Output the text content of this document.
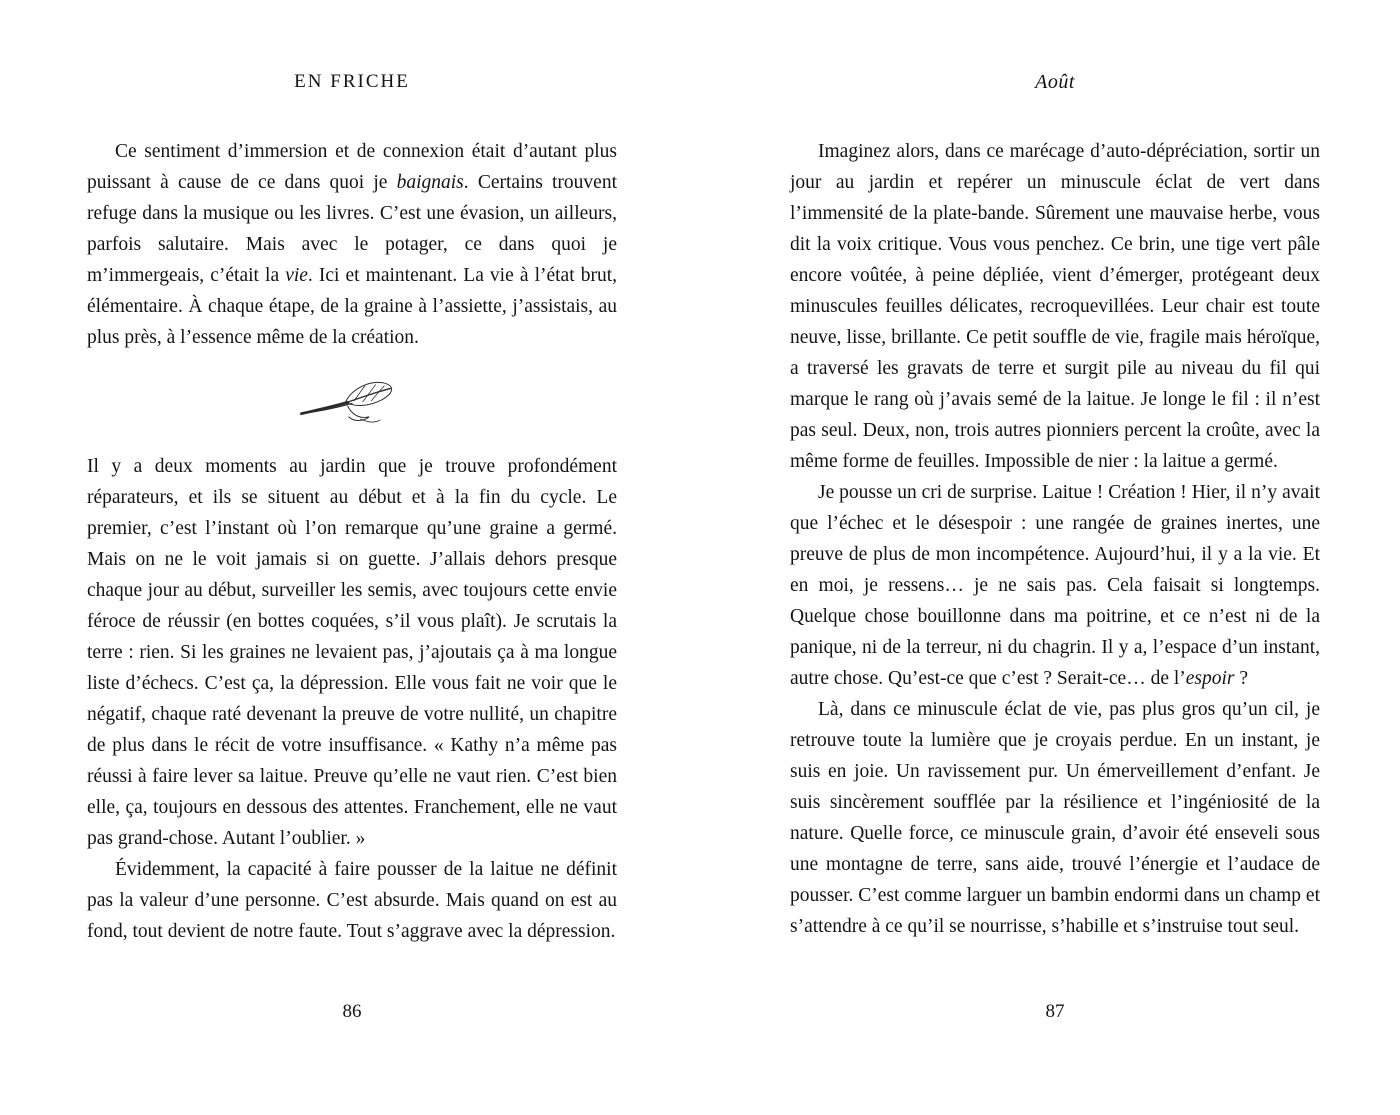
EN FRICHE

Ce sentiment d’immersion et de connexion était d’autant plus puissant à cause de ce dans quoi je baignais. Certains trouvent refuge dans la musique ou les livres. C’est une évasion, un ailleurs, parfois salutaire. Mais avec le potager, ce dans quoi je m’immergeais, c’était la vie. Ici et maintenant. La vie à l’état brut, élémentaire. À chaque étape, de la graine à l’assiette, j’assistais, au plus près, à l’essence même de la création.

Il y a deux moments au jardin que je trouve profondément réparateurs, et ils se situent au début et à la fin du cycle. Le premier, c’est l’instant où l’on remarque qu’une graine a germé. Mais on ne le voit jamais si on guette. J’allais dehors presque chaque jour au début, surveiller les semis, avec toujours cette envie féroce de réussir (en bottes coquées, s’il vous plaît). Je scrutais la terre : rien. Si les graines ne levaient pas, j’ajoutais ça à ma longue liste d’échecs. C’est ça, la dépression. Elle vous fait ne voir que le négatif, chaque raté devenant la preuve de votre nullité, un chapitre de plus dans le récit de votre insuffisance. « Kathy n’a même pas réussi à faire lever sa laitue. Preuve qu’elle ne vaut rien. C’est bien elle, ça, toujours en dessous des attentes. Franchement, elle ne vaut pas grand-chose. Autant l’oublier. »

Évidemment, la capacité à faire pousser de la laitue ne définit pas la valeur d’une personne. C’est absurde. Mais quand on est au fond, tout devient de notre faute. Tout s’aggrave avec la dépression.

86
Août

Imaginez alors, dans ce marécage d’auto-dépréciation, sortir un jour au jardin et repérer un minuscule éclat de vert dans l’immensité de la plate-bande. Sûrement une mauvaise herbe, vous dit la voix critique. Vous vous penchez. Ce brin, une tige vert pâle encore voûtée, à peine dépliée, vient d’émerger, protégeant deux minuscules feuilles délicates, recroquevillées. Leur chair est toute neuve, lisse, brillante. Ce petit souffle de vie, fragile mais héroïque, a traversé les gravats de terre et surgit pile au niveau du fil qui marque le rang où j’avais semé de la laitue. Je longe le fil : il n’est pas seul. Deux, non, trois autres pionniers percent la croûte, avec la même forme de feuilles. Impossible de nier : la laitue a germé.

Je pousse un cri de surprise. Laitue ! Création ! Hier, il n’y avait que l’échec et le désespoir : une rangée de graines inertes, une preuve de plus de mon incompétence. Aujourd’hui, il y a la vie. Et en moi, je ressens… je ne sais pas. Cela faisait si longtemps. Quelque chose bouillonne dans ma poitrine, et ce n’est ni de la panique, ni de la terreur, ni du chagrin. Il y a, l’espace d’un instant, autre chose. Qu’est-ce que c’est ? Serait-ce… de l’espoir ?

Là, dans ce minuscule éclat de vie, pas plus gros qu’un cil, je retrouve toute la lumière que je croyais perdue. En un instant, je suis en joie. Un ravissement pur. Un émerveillement d’enfant. Je suis sincèrement soufflée par la résilience et l’ingéniosité de la nature. Quelle force, ce minuscule grain, d’avoir été enseveli sous une montagne de terre, sans aide, trouvé l’énergie et l’audace de pousser. C’est comme larguer un bambin endormi dans un champ et s’attendre à ce qu’il se nourrisse, s’habille et s’instruise tout seul.

87
